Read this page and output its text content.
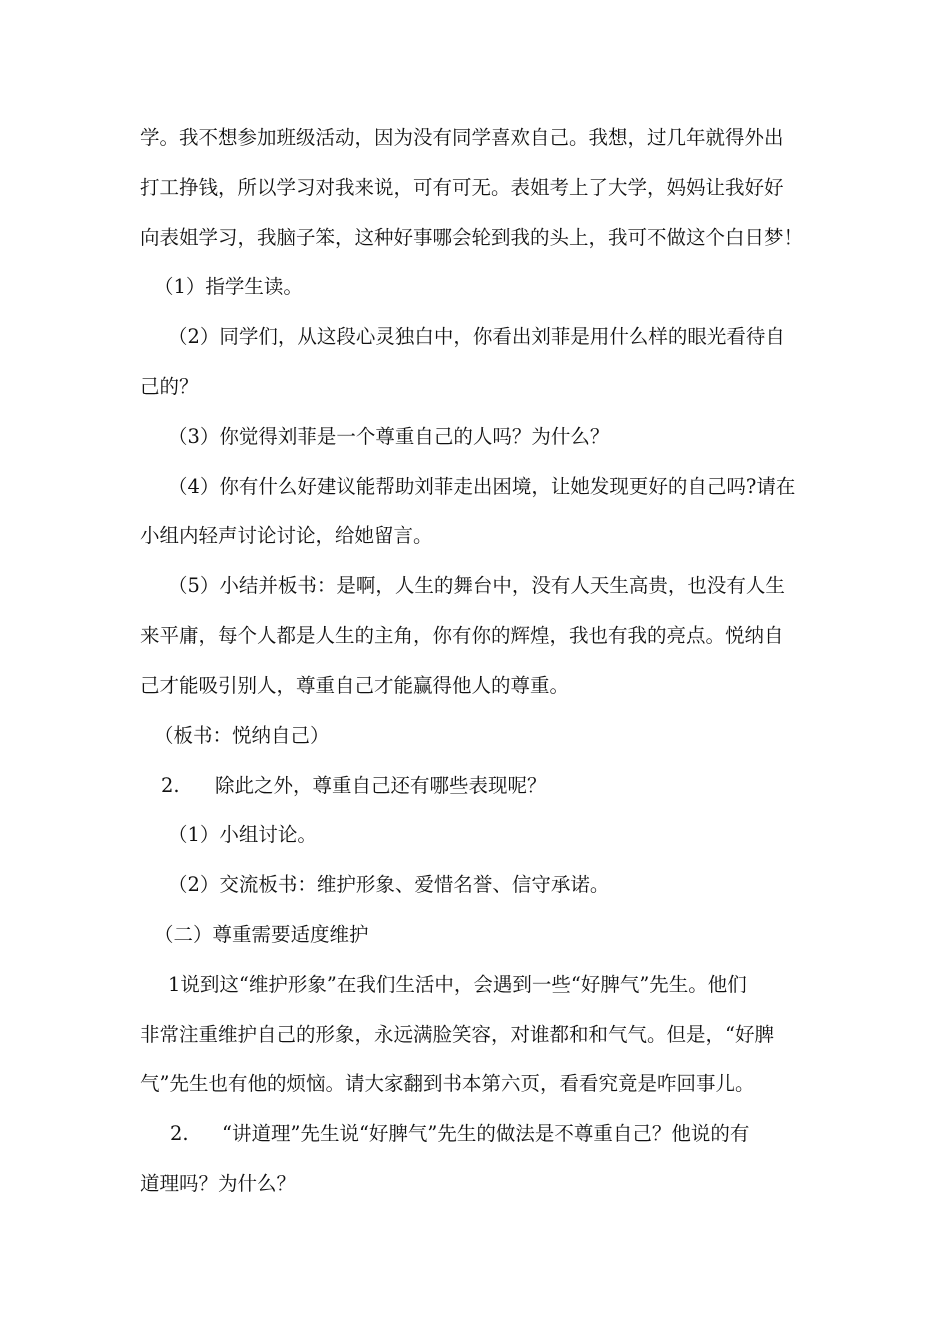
学。我不想参加班级活动，因为没有同学喜欢自己。我想，过几年就得外出
打工挣钱，所以学习对我来说，可有可无。表姐考上了大学，妈妈让我好好
向表姐学习，我脑子笨，这种好事哪会轮到我的头上，我可不做这个白日梦！
（1）指学生读。
（2）同学们，从这段心灵独白中，你看出刘菲是用什么样的眼光看待自
己的？
（3）你觉得刘菲是一个尊重自己的人吗？为什么？
（4）你有什么好建议能帮助刘菲走出困境，让她发现更好的自己吗?请在
小组内轻声讨论讨论，给她留言。
（5）小结并板书：是啊，人生的舞台中，没有人天生高贵，也没有人生
来平庸，每个人都是人生的主角，你有你的辉煌，我也有我的亮点。悦纳自
己才能吸引别人，尊重自己才能赢得他人的尊重。
（板书：悦纳自己）
2. 除此之外，尊重自己还有哪些表现呢？
（1）小组讨论。
（2）交流板书：维护形象、爱惜名誉、信守承诺。
（二）尊重需要适度维护
1说到这“维护形象”在我们生活中，会遇到一些“好脾气”先生。他们
非常注重维护自己的形象，永远满脸笑容，对谁都和和气气。但是，“好脾
气”先生也有他的烦恼。请大家翻到书本第六页，看看究竟是咋回事儿。
2. “讲道理”先生说“好脾气”先生的做法是不尊重自己？他说的有
道理吗？为什么？
